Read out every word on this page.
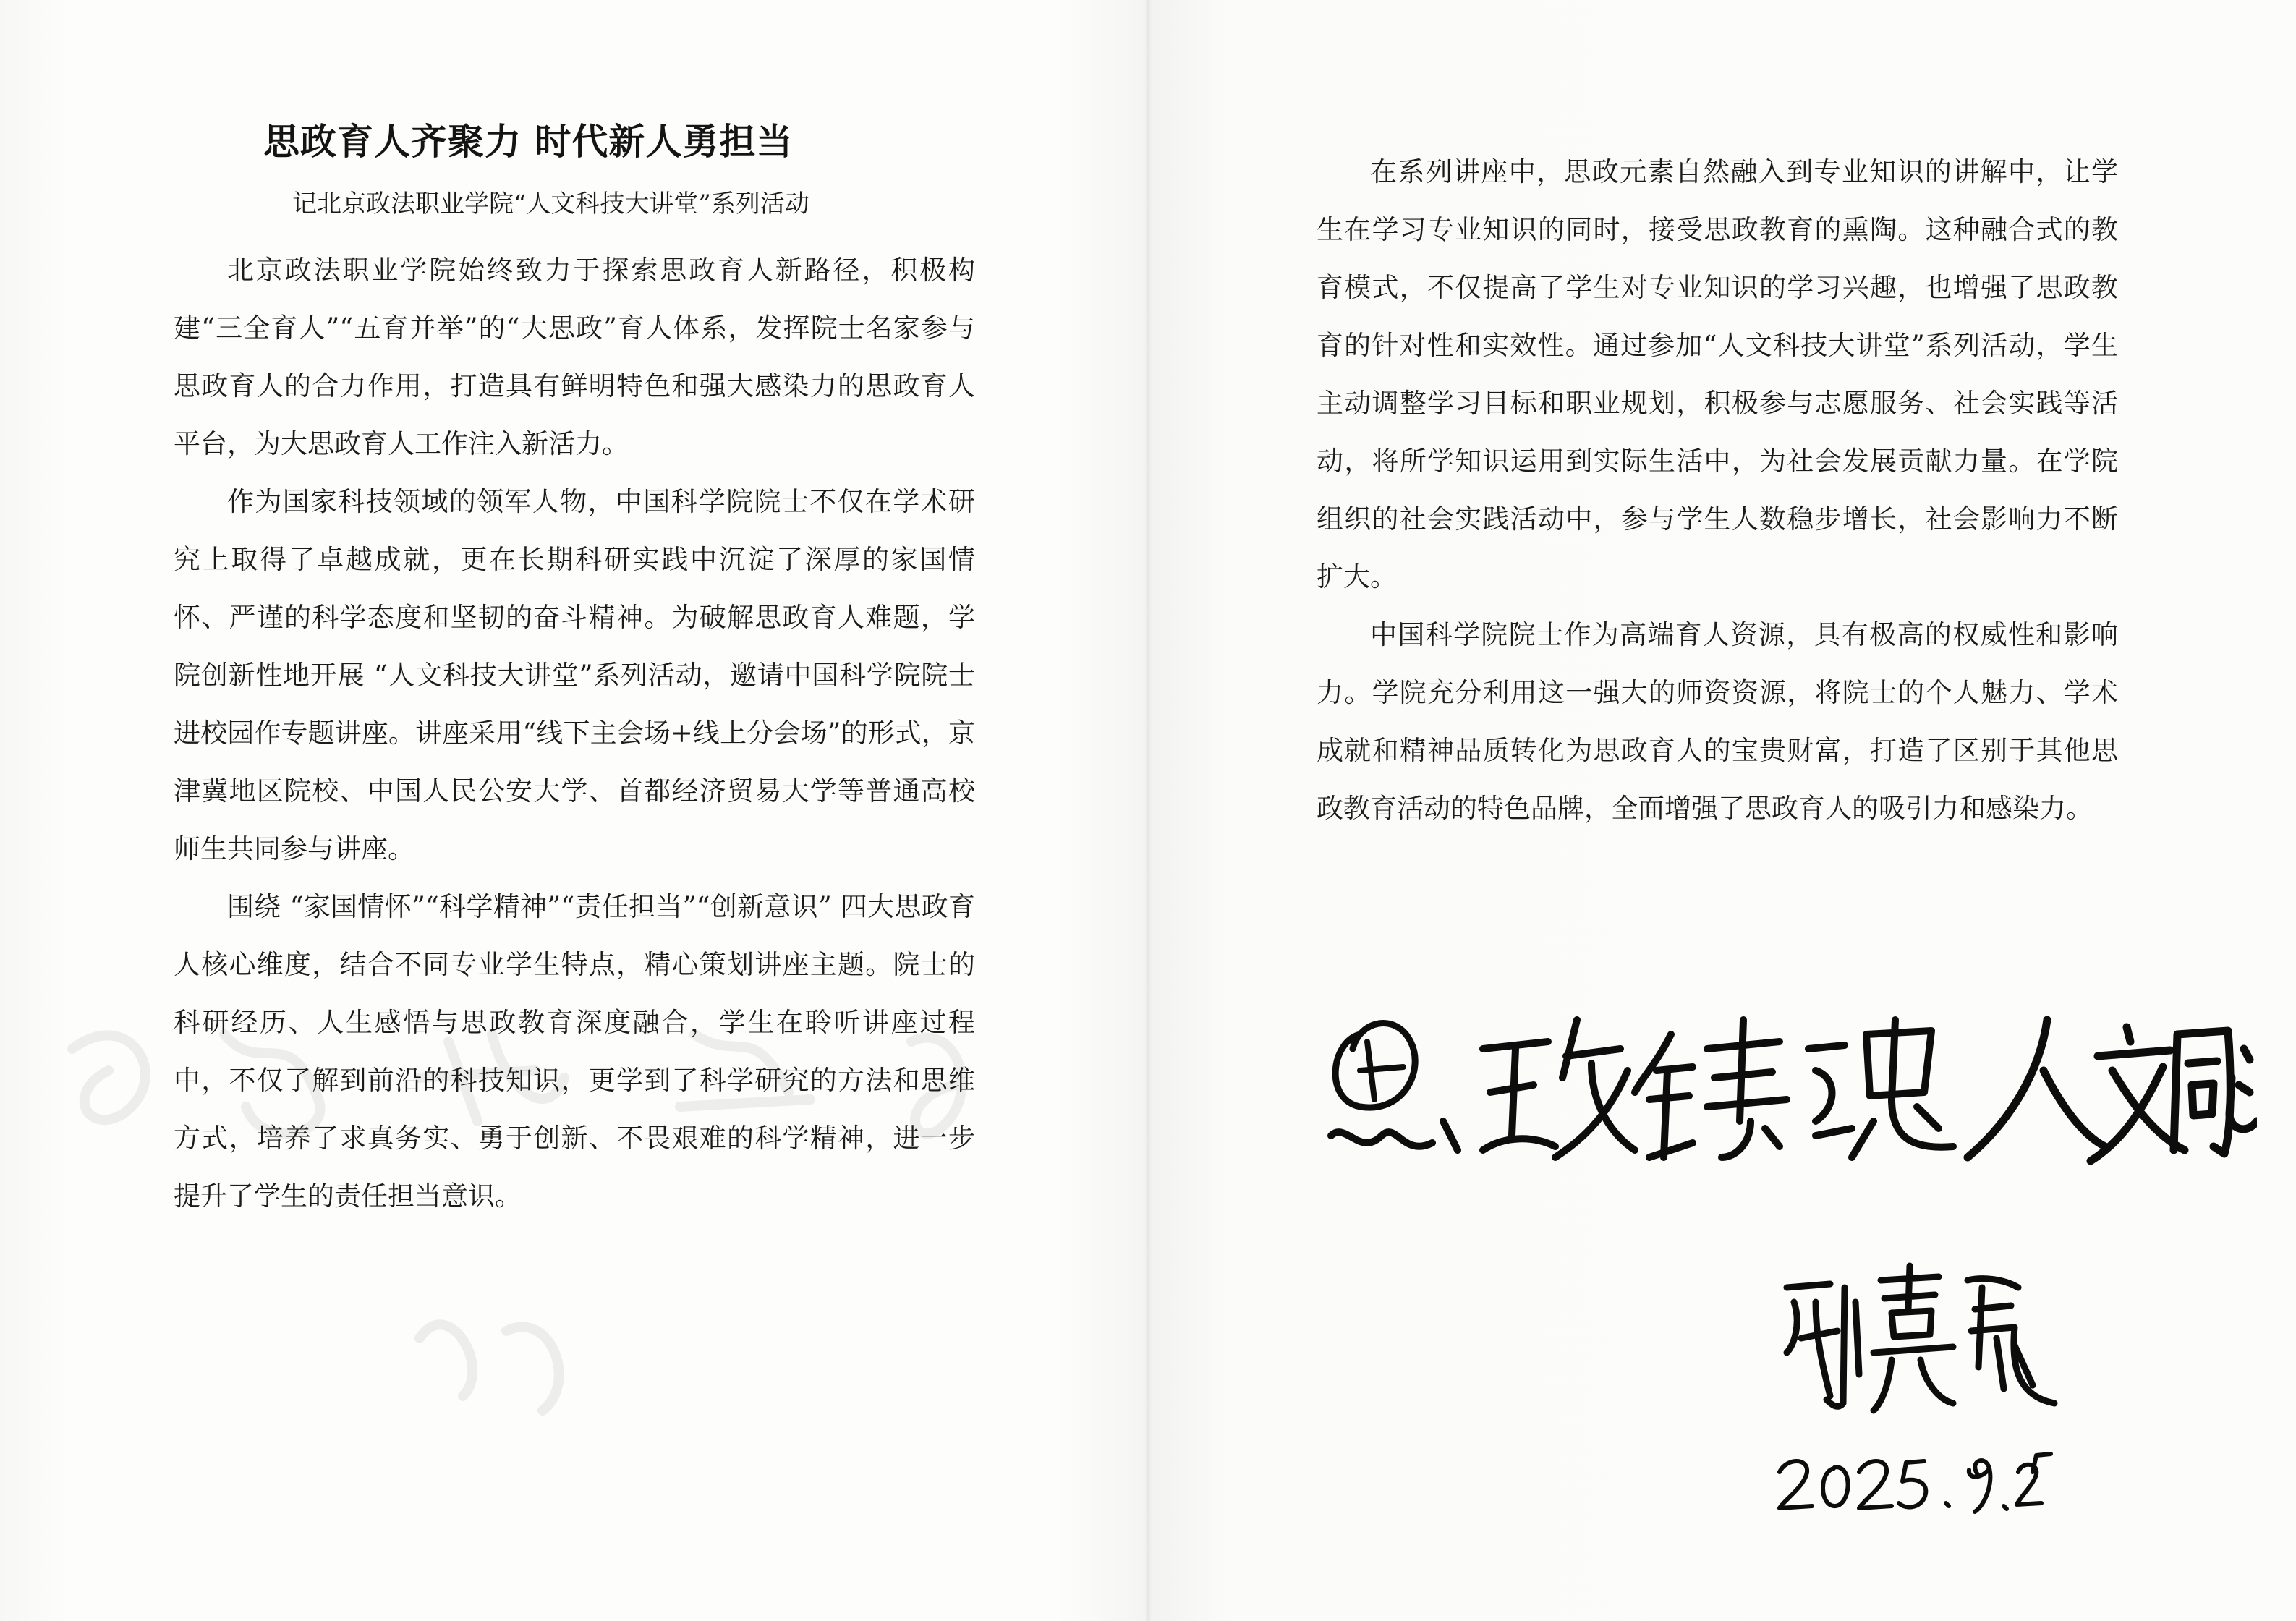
思政育人齐聚力 时代新人勇担当

记北京政法职业学院“人文科技大讲堂”系列活动

北京政法职业学院始终致力于探索思政育人新路径，积极构建“三全育人”“五育并举”的“大思政”育人体系，发挥院士名家参与思政育人的合力作用，打造具有鲜明特色和强大感染力的思政育人平台，为大思政育人工作注入新活力。

作为国家科技领域的领军人物，中国科学院院士不仅在学术研究上取得了卓越成就，更在长期科研实践中沉淀了深厚的家国情怀、严谨的科学态度和坚韧的奋斗精神。为破解思政育人难题，学院创新性地开展 “人文科技大讲堂”系列活动，邀请中国科学院院士进校园作专题讲座。讲座采用“线下主会场+线上分会场”的形式，京津冀地区院校、中国人民公安大学、首都经济贸易大学等普通高校师生共同参与讲座。

围绕 “家国情怀”“科学精神”“责任担当”“创新意识” 四大思政育人核心维度，结合不同专业学生特点，精心策划讲座主题。院士的科研经历、人生感悟与思政教育深度融合，学生在聆听讲座过程中，不仅了解到前沿的科技知识，更学到了科学研究的方法和思维方式，培养了求真务实、勇于创新、不畏艰难的科学精神，进一步提升了学生的责任担当意识。

在系列讲座中，思政元素自然融入到专业知识的讲解中，让学生在学习专业知识的同时，接受思政教育的熏陶。这种融合式的教育模式，不仅提高了学生对专业知识的学习兴趣，也增强了思政教育的针对性和实效性。通过参加“人文科技大讲堂”系列活动，学生主动调整学习目标和职业规划，积极参与志愿服务、社会实践等活动，将所学知识运用到实际生活中，为社会发展贡献力量。在学院组织的社会实践活动中，参与学生人数稳步增长，社会影响力不断扩大。

中国科学院院士作为高端育人资源，具有极高的权威性和影响力。学院充分利用这一强大的师资资源，将院士的个人魅力、学术成就和精神品质转化为思政育人的宝贵财富，打造了区别于其他思政教育活动的特色品牌，全面增强了思政育人的吸引力和感染力。
